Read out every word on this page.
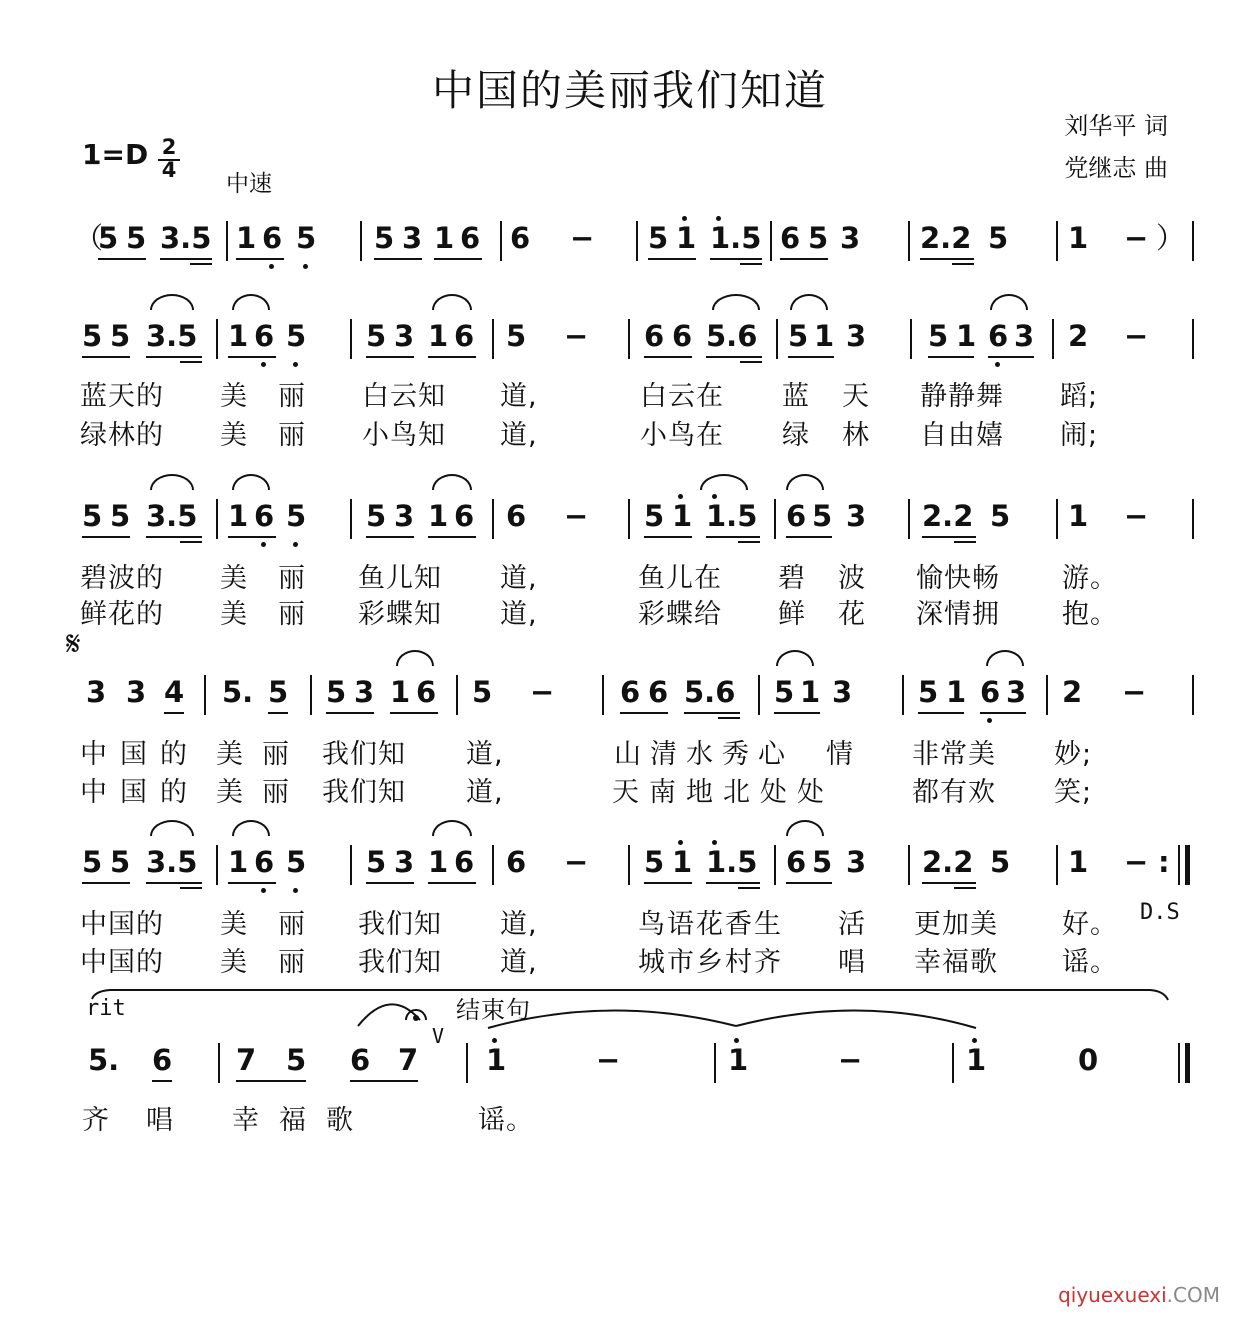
中国的美丽我们知道
刘华平 词
党继志 曲
1=D 2
4
中速
（
5 5 3.5 1 6 5 5 3 1 6 6 − 5 1 1.5 6 5 3 2.2 5 1 − ）
5 5 3.5 1 6 5 5 3 1 6 5 − 6 6 5.6 5 1 3 5 1 6 3 2 −
蓝天的 美 丽 白云知 道,	白云在 蓝 天 静静舞 蹈;
绿林的 美 丽 小鸟知 道,	小鸟在 绿 林 自由嬉 闹;
5 5 3.5 1 6 5 5 3 1 6 6 − 5 1 1.5 6 5 3 2.2 5 1 −
碧波的 美 丽 鱼儿知 道,	鱼儿在 碧 波 愉快畅 游。
鲜花的 美 丽 彩蝶知 道,	彩蝶给 鲜 花 深情拥 抱。
𝄋
3 3 4 5. 5 5 3 1 6 5 − 6 6 5.6 5 1 3 5 1 6 3 2 −
中 国 的 美 丽 我们知 道,	山清水秀心 情 非常美 妙;
中 国 的 美 丽 我们知 道,	天南地北处处	都有欢 笑;
5 5 3.5 1 6 5 5 3 1 6 6 − 5 1 1.5 6 5 3 2.2 5 1 − :
中国的 美 丽 我们知 道,	鸟语花香生 活 更加美 好。
中国的 美 丽 我们知 道,	城市乡村齐 唱 幸福歌 谣。
D.S
rit	结束句
V
5. 6 7 5 6 7 1	−	1	−	1	0
齐 唱 幸福歌	谣。
qiyuexuexi.COM
